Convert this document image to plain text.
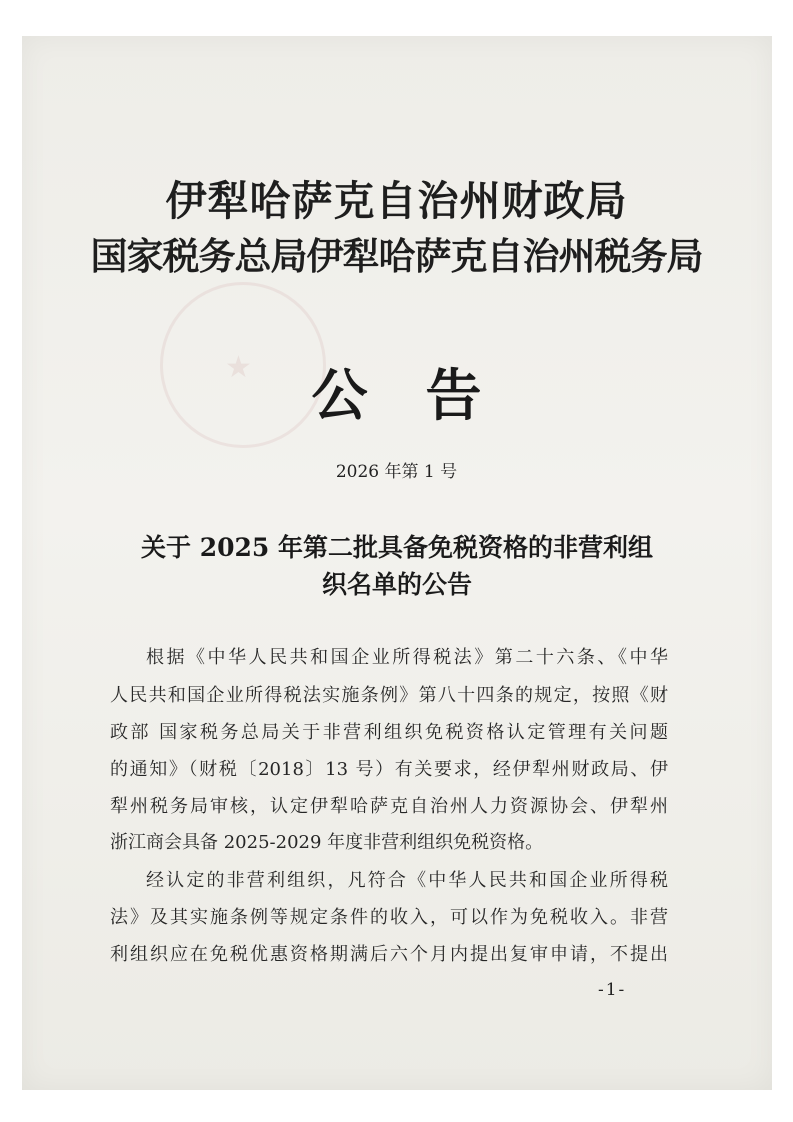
★
伊犁哈萨克自治州财政局
国家税务总局伊犁哈萨克自治州税务局
公告
2026 年第 1 号
关于 2025 年第二批具备免税资格的非营利组
织名单的公告
根据《中华人民共和国企业所得税法》第二十六条、《中华
人民共和国企业所得税法实施条例》第八十四条的规定，按照《财
政部 国家税务总局关于非营利组织免税资格认定管理有关问题
的通知》（财税〔2018〕13 号）有关要求，经伊犁州财政局、伊
犁州税务局审核，认定伊犁哈萨克自治州人力资源协会、伊犁州
浙江商会具备 2025-2029 年度非营利组织免税资格。
经认定的非营利组织，凡符合《中华人民共和国企业所得税
法》及其实施条例等规定条件的收入，可以作为免税收入。非营
利组织应在免税优惠资格期满后六个月内提出复审申请，不提出
-1-
